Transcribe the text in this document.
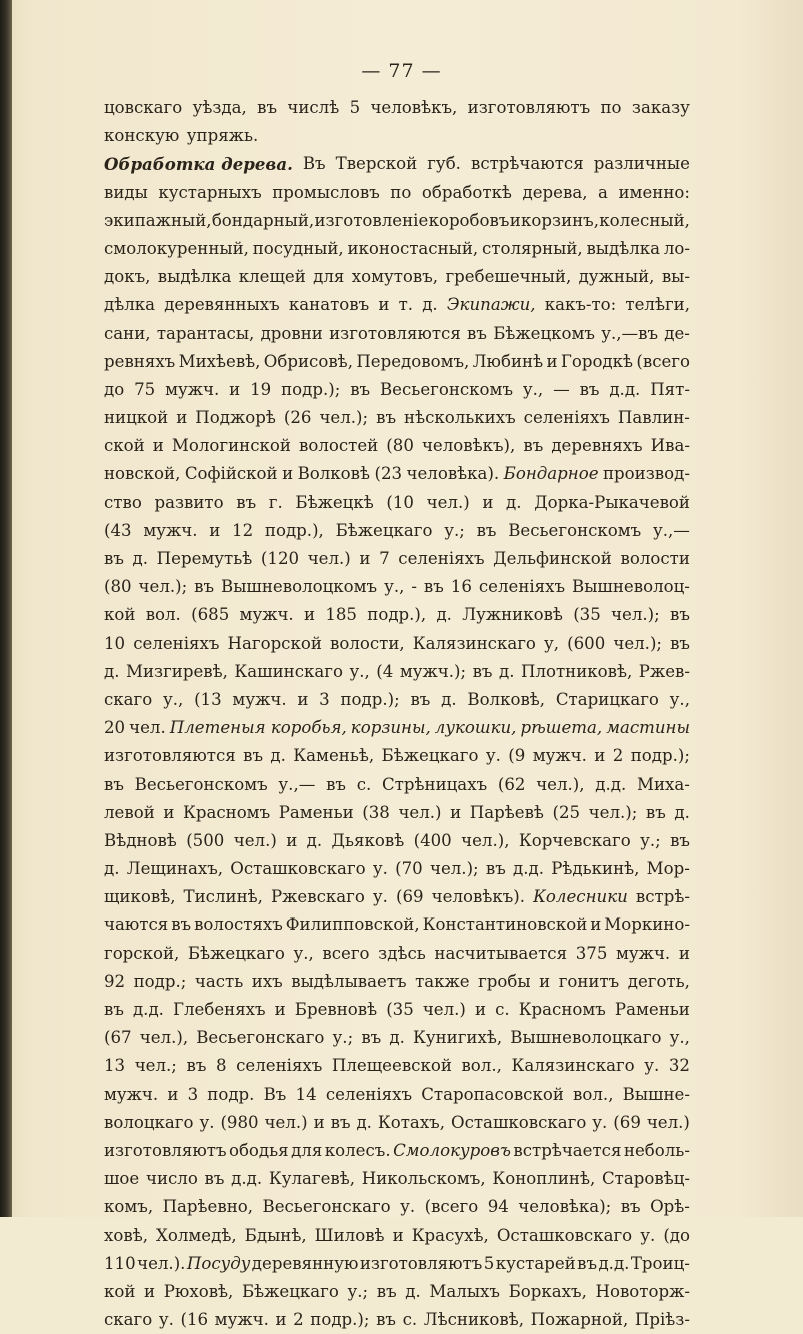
— 77 —
цовскаго уѣзда, въ числѣ 5 человѣкъ, изготовляютъ по заказу
конскую упряжь.
Обработка дерева. Въ Тверской губ. встрѣчаются различные
виды кустарныхъ промысловъ по обработкѣ дерева, а именно:
экипажный, бондарный, изготовленіе коробовъ и корзинъ, колесный,
смолокуренный, посудный, иконостасный, столярный, выдѣлка ло-
докъ, выдѣлка клещей для хомутовъ, гребешечный, дужный, вы-
дѣлка деревянныхъ канатовъ и т. д. Экипажи, какъ-то: телѣги,
сани, тарантасы, дровни изготовляются въ Бѣжецкомъ у.,—въ де-
ревняхъ Михѣевѣ, Обрисовѣ, Передовомъ, Любинѣ и Городкѣ (всего
до 75 мужч. и 19 подр.); въ Весьегонскомъ у., — въ д.д. Пят-
ницкой и Поджорѣ (26 чел.); въ нѣсколькихъ селеніяхъ Павлин-
ской и Мологинской волостей (80 человѣкъ), въ деревняхъ Ива-
новской, Софійской и Волковѣ (23 человѣка). Бондарное производ-
ство развито въ г. Бѣжецкѣ (10 чел.) и д. Дорка-Рыкачевой
(43 мужч. и 12 подр.), Бѣжецкаго у.; въ Весьегонскомъ у.,—
въ д. Перемутьѣ (120 чел.) и 7 селеніяхъ Дельфинской волости
(80 чел.); въ Вышневолоцкомъ у., - въ 16 селеніяхъ Вышневолоц-
кой вол. (685 мужч. и 185 подр.), д. Лужниковѣ (35 чел.); въ
10 селеніяхъ Нагорской волости, Калязинскаго у, (600 чел.); въ
д. Мизгиревѣ, Кашинскаго у., (4 мужч.); въ д. Плотниковѣ, Ржев-
скаго у., (13 мужч. и 3 подр.); въ д. Волковѣ, Старицкаго у.,
20 чел. Плетеныя коробья, корзины, лукошки, рѣшета, мастины
изготовляются въ д. Каменьѣ, Бѣжецкаго у. (9 мужч. и 2 подр.);
въ Весьегонскомъ у.,— въ с. Стрѣницахъ (62 чел.), д.д. Миха-
левой и Красномъ Раменьи (38 чел.) и Парѣевѣ (25 чел.); въ д.
Вѣдновѣ (500 чел.) и д. Дьяковѣ (400 чел.), Корчевскаго у.; въ
д. Лещинахъ, Осташковскаго у. (70 чел.); въ д.д. Рѣдькинѣ, Мор-
щиковѣ, Тислинѣ, Ржевскаго у. (69 человѣкъ). Колесники встрѣ-
чаются въ волостяхъ Филипповской, Константиновской и Моркино-
горской, Бѣжецкаго у., всего здѣсь насчитывается 375 мужч. и
92 подр.; часть ихъ выдѣлываетъ также гробы и гонитъ деготь,
въ д.д. Глебеняхъ и Бревновѣ (35 чел.) и с. Красномъ Раменьи
(67 чел.), Весьегонскаго у.; въ д. Кунигихѣ, Вышневолоцкаго у.,
13 чел.; въ 8 селеніяхъ Плещеевской вол., Калязинскаго у. 32
мужч. и 3 подр. Въ 14 селеніяхъ Старопасовской вол., Вышне-
волоцкаго у. (980 чел.) и въ д. Котахъ, Осташковскаго у. (69 чел.)
изготовляютъ ободья для колесъ. Смолокуровъ встрѣчается неболь-
шое число въ д.д. Кулагевѣ, Никольскомъ, Коноплинѣ, Старовѣц-
комъ, Парѣевно, Весьегонскаго у. (всего 94 человѣка); въ Орѣ-
ховѣ, Холмедѣ, Бдынѣ, Шиловѣ и Красухѣ, Осташковскаго у. (до
110 чел.). Посуду деревянную изготовляютъ 5 кустарей въ д.д. Троиц-
кой и Рюховѣ, Бѣжецкаго у.; въ д. Малыхъ Боркахъ, Новоторж-
скаго у. (16 мужч. и 2 подр.); въ с. Лѣсниковѣ, Пожарной, Пріѣз-
